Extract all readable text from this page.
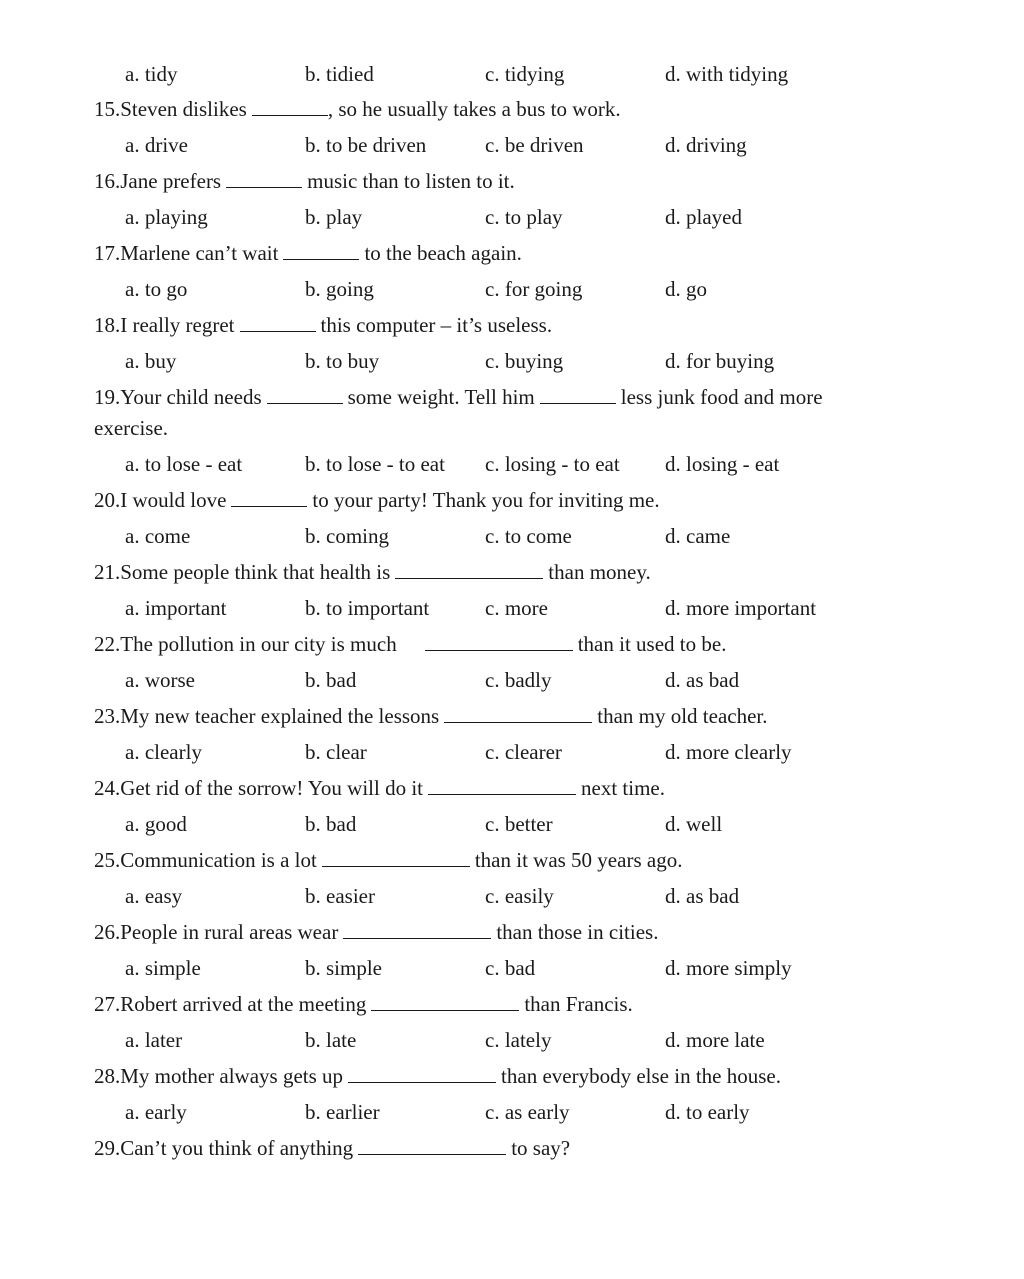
a. tidy	b. tidied	c. tidying	d. with tidying
15.Steven dislikes	, so he usually takes a bus to work.
a. drive	b. to be driven	c. be driven	d. driving
16.Jane prefers	music than to listen to it.
a. playing	b. play	c. to play	d. played
17.Marlene can’t wait	to the beach again.
a. to go	b. going	c. for going	d. go
18.I really regret	this computer – it’s useless.
a. buy	b. to buy	c. buying	d. for buying
19.Your child needs	some weight. Tell him	less junk food and more
exercise.
a. to lose - eat	b. to lose - to eat c. losing - to eat d. losing - eat
20.I would love	to your party! Thank you for inviting me.
a. come	b. coming	c. to come	d. came
21.Some people think that health is	than money.
a. important	b. to important	c. more	d. more important
22.The pollution in our city is much	than it used to be.
a. worse	b. bad	c. badly	d. as bad
23.My new teacher explained the lessons	than my old teacher.
a. clearly	b. clear	c. clearer	d. more clearly
24.Get rid of the sorrow! You will do it	next time.
a. good	b. bad	c. better	d. well
25.Communication is a lot	than it was 50 years ago.
a. easy	b. easier	c. easily	d. as bad
26.People in rural areas wear	than those in cities.
a. simple	b. simple	c. bad	d. more simply
27.Robert arrived at the meeting	than Francis.
a. later	b. late	c. lately	d. more late
28.My mother always gets up	than everybody else in the house.
a. early	b. earlier	c. as early	d. to early
29.Can’t you think of anything	to say?
